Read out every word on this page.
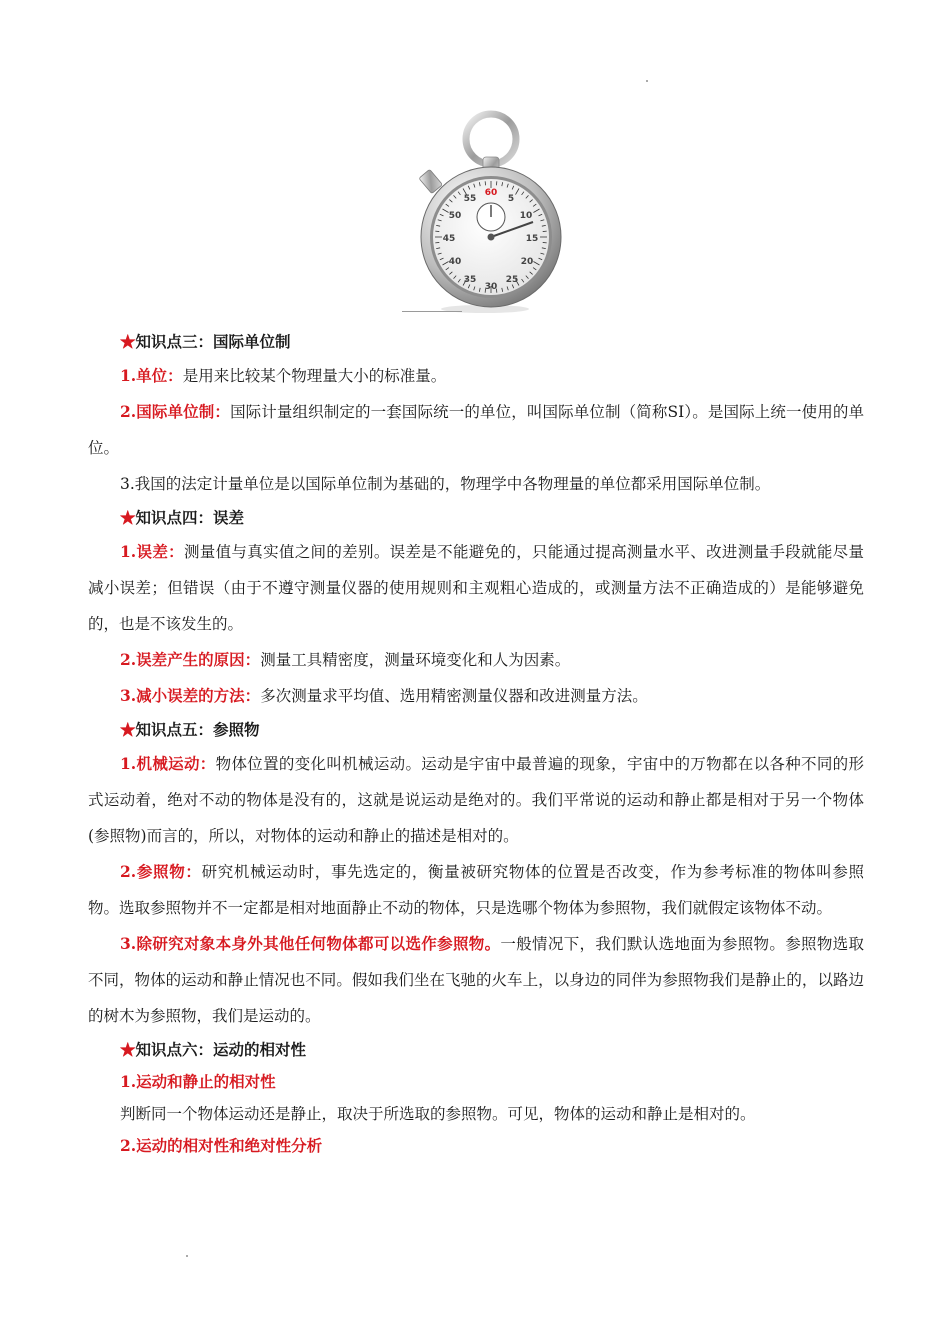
60
5
10
15
20
25
30
35
40
45
50
55

★知识点三：国际单位制

1.单位：是用来比较某个物理量大小的标准量。

2.国际单位制：国际计量组织制定的一套国际统一的单位，叫国际单位制（简称SI）。是国际上统一使用的单位。

3.我国的法定计量单位是以国际单位制为基础的，物理学中各物理量的单位都采用国际单位制。

★知识点四：误差

1.误差：测量值与真实值之间的差别。误差是不能避免的，只能通过提高测量水平、改进测量手段就能尽量减小误差；但错误（由于不遵守测量仪器的使用规则和主观粗心造成的，或测量方法不正确造成的）是能够避免的，也是不该发生的。

2.误差产生的原因：测量工具精密度，测量环境变化和人为因素。

3.减小误差的方法：多次测量求平均值、选用精密测量仪器和改进测量方法。

★知识点五：参照物

1.机械运动：物体位置的变化叫机械运动。运动是宇宙中最普遍的现象，宇宙中的万物都在以各种不同的形式运动着，绝对不动的物体是没有的，这就是说运动是绝对的。我们平常说的运动和静止都是相对于另一个物体(参照物)而言的，所以，对物体的运动和静止的描述是相对的。

2.参照物：研究机械运动时，事先选定的，衡量被研究物体的位置是否改变，作为参考标准的物体叫参照物。选取参照物并不一定都是相对地面静止不动的物体，只是选哪个物体为参照物，我们就假定该物体不动。

3.除研究对象本身外其他任何物体都可以选作参照物。一般情况下，我们默认选地面为参照物。参照物选取不同，物体的运动和静止情况也不同。假如我们坐在飞驰的火车上，以身边的同伴为参照物我们是静止的，以路边的树木为参照物，我们是运动的。

★知识点六：运动的相对性

1.运动和静止的相对性

判断同一个物体运动还是静止，取决于所选取的参照物。可见，物体的运动和静止是相对的。

2.运动的相对性和绝对性分析
